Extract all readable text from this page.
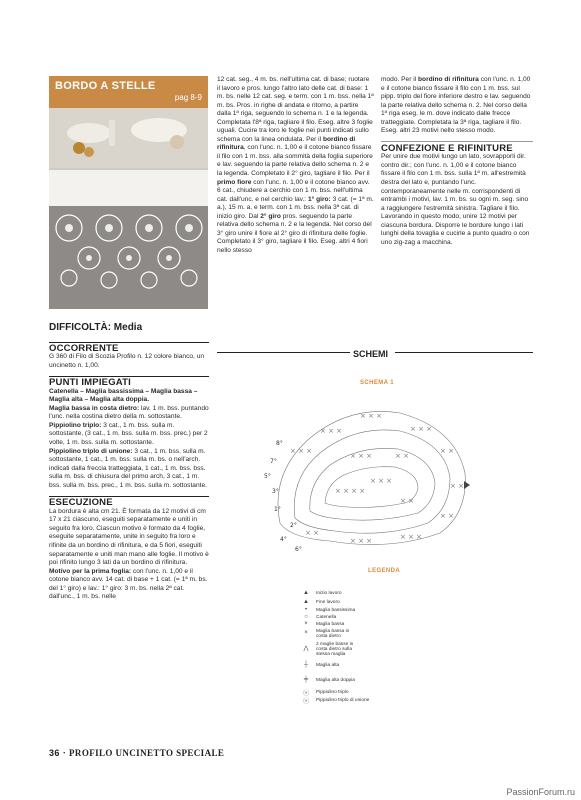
BORDO A STELLE
pag 8-9
DIFFICOLTÀ: Media
OCCORRENTE

G 360 di Filo di Scozia Profilo n. 12 colore bianco, un uncinetto n. 1,00.

PUNTI IMPIEGATI

Catenella – Maglia bassissima – Maglia bassa – Maglia alta – Maglia alta doppia.

Maglia bassa in costa dietro: lav. 1 m. bss. puntando l'unc. nella costina dietro della m. sottostante.

Pippiolino triplo: 3 cat., 1 m. bss. sulla m. sottostante, (3 cat., 1 m. bss. sulla m. bss. prec.) per 2 volte, 1 m. bss. sulla m. sottostante.

Pippiolino triplo di unione: 3 cat., 1 m. bss. sulla m. sottostante, 1 cat., 1 m. bss. sulla m. bs. o nell'arch. indicati dalla freccia tratteggiata, 1 cat., 1 m. bss. bss. sulla m. bss. di chiusura del primo arch, 3 cat., 1 m. bss. sulla m. bss. prec., 1 m. bss. sulla m. sottostante.

ESECUZIONE

La bordura è alta cm 21. È formata da 12 motivi di cm 17 x 21 ciascuno, eseguiti separatamente e uniti in seguito fra loro. Ciascun motivo è formato da 4 foglie, eseguite separatamente, unite in seguito fra loro e rifinite da un bordino di rifinitura, e da 5 fiori, eseguiti separatamente e uniti man mano alle foglie. Il motivo è poi rifinito lungo 3 lati da un bordino di rifinitura.

Motivo per la prima foglia: con l'unc. n. 1,00 e il cotone bianco avv. 14 cat. di base + 1 cat. (= 1ª m. bs. del 1° giro) e lav.: 1° giro: 3 m. bs. nella 2ª cat. dall'unc., 1 m. bs. nelle

12 cat. seg., 4 m. bs. nell'ultima cat. di base; ruotare il lavoro e pros. lungo l'altro lato delle cat. di base: 1 m. bs. nelle 12 cat. seg. e term. con 1 m. bss. nella 1ª m. bs. Pros. in righe di andata e ritorno, a partire dalla 1ª riga, seguendo lo schema n. 1 e la legenda. Completata l'8ª riga, tagliare il filo. Eseg. altre 3 foglie uguali. Cucire tra loro le foglie nei punti indicati sullo schema con la linea ondulata. Per il bordino di rifinitura, con l'unc. n. 1,00 e il cotone bianco fissare il filo con 1 m. bss. alla sommità della foglia superiore e lav. seguendo la parte relativa dello schema n. 2 e la legenda. Completato il 2° giro, tagliare il filo. Per il primo fiore con l'unc. n. 1,00 e il cotone bianco avv. 6 cat., chiudere a cerchio con 1 m. bss. nell'ultima cat. dall'unc. e nel cerchio lav.: 1° giro: 3 cat. (= 1ª m. a.), 15 m. a. e term. con 1 m. bss. nella 3ª cat. di inizio giro. Dal 2° giro pros. seguendo la parte relativa dello schema n. 2 e la legenda. Nel corso del 3° giro unire il fiore al 2° giro di rifinitura delle foglie. Completato il 3° giro, tagliare il filo. Eseg. altri 4 fiori nello stesso

modo. Per il bordino di rifinitura con l'unc. n. 1,00 e il cotone bianco fissare il filo con 1 m. bss. sul pipp. triplo del fiore inferiore destro e lav. seguendo la parte relativa dello schema n. 2. Nel corso della 1ª riga eseg. le m. dove indicato dalle frecce tratteggiate. Completata la 3ª riga, tagliare il filo. Eseg. altri 23 motivi nello stesso modo.

CONFEZIONE E RIFINITURE

Per unire due motivi lungo un lato, sovrapporli dir. contro dir.; con l'unc. n. 1,00 e il cotone bianco fissare il filo con 1 m. bss. sulla 1ª m. all'estremità destra del lato e, puntando l'unc. contemporaneamente nelle m. corrispondenti di entrambi i motivi, lav. 1 m. bs. su ogni m. seg. sino a raggiungere l'estremità sinistra. Tagliare il filo. Lavorando in questo modo, unire 12 motivi per ciascuna bordura. Disporre le bordure lungo i lati lunghi della tovaglia e cucirle a punto quadro o con uno zig-zag a macchina.

SCHEMI
SCHEMA 1
× × ×
× × ×
× × ×
× × ×
× ×
× ×
× ×
× × ×
× × ×
× ×
× × × ×
× × ×
× × ×	× ×
× ×
8°
7°
5°
3°
1°
2°
4°
6°
LEGENDA
▲	Inizio lavoro
▲	Fine lavoro
•	Maglia bassissima
○	Catenella
×	Maglia bassa
×	Maglia bassa in costa dietro
⋀
2 maglie basse in costa dietro sulla stessa maglia
┼	Maglia alta
╪	Maglia alta doppia
ⓞ	Pippiolino triplo
ⓞ	Pippiolino triplo di unione
36 · PROFILO UNCINETTO SPECIALE
PassionForum.ru
